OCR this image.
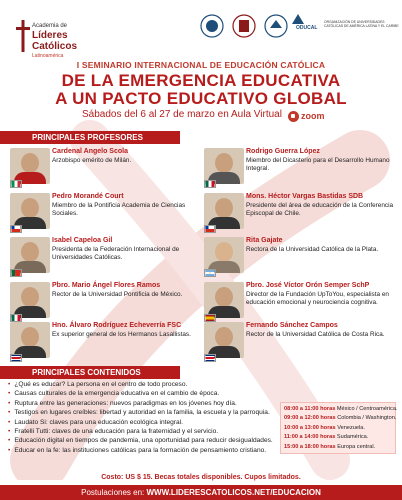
Academia de
Líderes
Católicos
Latinoamérica
ODUCAL
ORGANIZACIÓN DE UNIVERSIDADES CATÓLICAS DE AMÉRICA LATINA Y EL CARIBE
I SEMINARIO INTERNACIONAL DE EDUCACIÓN CATÓLICA
DE LA EMERGENCIA EDUCATIVA
A UN PACTO EDUCATIVO GLOBAL
Sábados del 6 al 27 de marzo en Aula Virtual zoom
PRINCIPALES PROFESORES
Cardenal Angelo Scola
Arzobispo emérito de Milán.
Pedro Morandé Court
Miembro de la Pontificia Academia de Ciencias Sociales.
Isabel Capeloa Gil
Presidenta de la Federación Internacional de Universidades Católicas.
Pbro. Mario Ángel Flores Ramos
Rector de la Universidad Pontificia de México.
Hno. Álvaro Rodríguez Echeverría FSC
Ex superior general de los Hermanos Lasallistas.
Rodrigo Guerra López
Miembro del Dicasterio para el Desarrollo Humano Integral.
Mons. Héctor Vargas Bastidas SDB
Presidente del área de educación de la Conferencia Episcopal de Chile.
Rita Gajate
Rectora de la Universidad Católica de la Plata.
Pbro. José Víctor Orón Semper SchP
Director de la Fundación UpToYou, especialista en educación emocional y neurociencia cognitiva.
Fernando Sánchez Campos
Rector de la Universidad Católica de Costa Rica.
PRINCIPALES CONTENIDOS
• ¿Qué es educar? La persona en el centro de todo proceso.
• Causas culturales de la emergencia educativa en el cambio de época.
• Ruptura entre las generaciones: nuevos paradigmas en los jóvenes hoy día.
• Testigos en lugares creíbles: libertad y autoridad en la familia, la escuela y la parroquia.
• Laudato Si: claves para una educación ecológica integral.
• Fratelli Tutti: claves de una educación para la fraternidad y el servicio.
• Educación digital en tiempos de pandemia, una oportunidad para reducir desigualdades.
• Educar en la fe: las instituciones católicas para la formación de pensamiento cristiano.
08:00 a 11:00 horas México / Centroamérica.
09:00 a 12:00 horas Colombia / Washington.
10:00 a 13:00 horas Venezuela.
11:00 a 14:00 horas Sudamérica.
15:00 a 18:00 horas Europa central.
Costo: US $ 15. Becas totales disponibles. Cupos limitados.
Postulaciones en: WWW.LIDERESCATOLICOS.NET/EDUCACION
